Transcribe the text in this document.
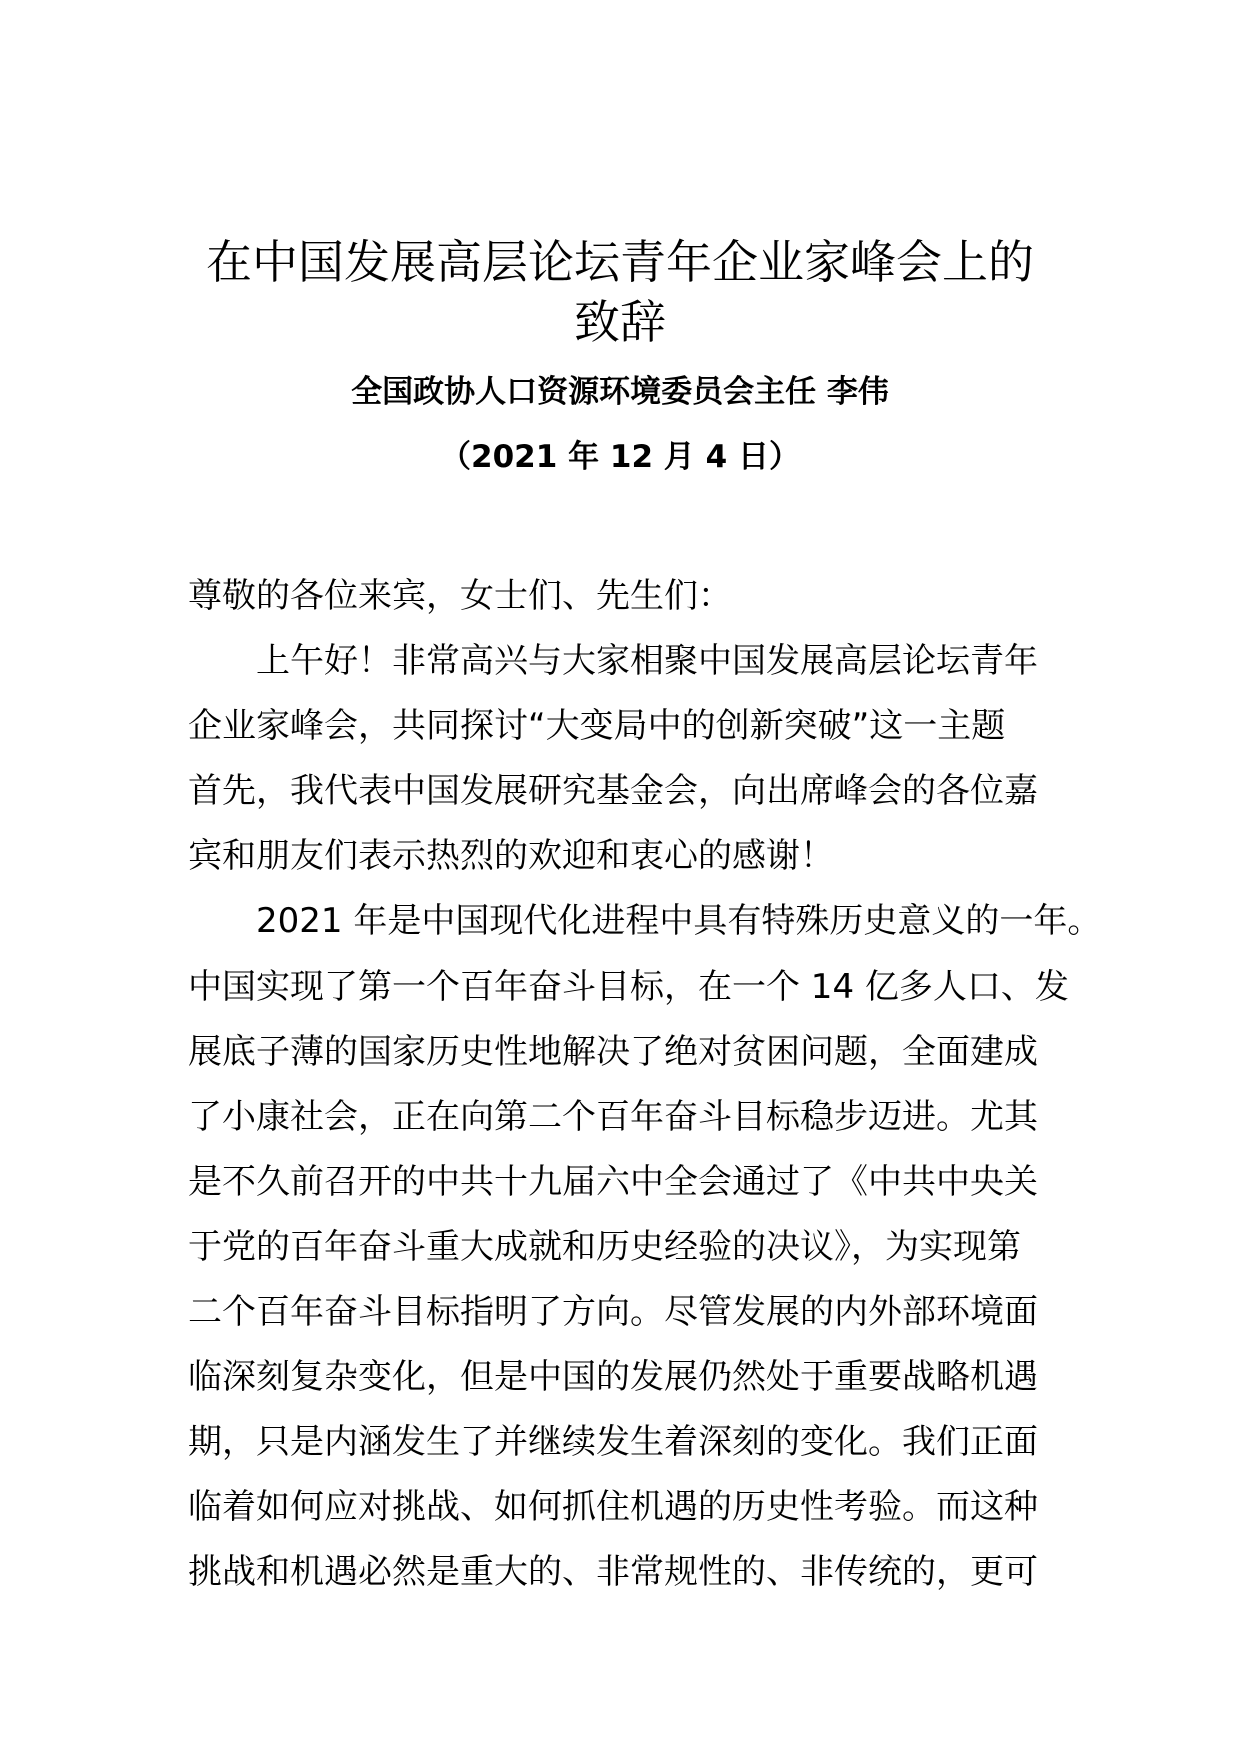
在中国发展高层论坛青年企业家峰会上的
致辞
全国政协人口资源环境委员会主任 李伟
（2021 年 12 月 4 日）
尊敬的各位来宾，女士们、先生们：
上午好！非常高兴与大家相聚中国发展高层论坛青年
企业家峰会，共同探讨“大变局中的创新突破”这一主题
首先，我代表中国发展研究基金会，向出席峰会的各位嘉
宾和朋友们表示热烈的欢迎和衷心的感谢！
2021 年是中国现代化进程中具有特殊历史意义的一年。
中国实现了第一个百年奋斗目标，在一个 14 亿多人口、发
展底子薄的国家历史性地解决了绝对贫困问题，全面建成
了小康社会，正在向第二个百年奋斗目标稳步迈进。尤其
是不久前召开的中共十九届六中全会通过了《中共中央关
于党的百年奋斗重大成就和历史经验的决议》，为实现第
二个百年奋斗目标指明了方向。尽管发展的内外部环境面
临深刻复杂变化，但是中国的发展仍然处于重要战略机遇
期，只是内涵发生了并继续发生着深刻的变化。我们正面
临着如何应对挑战、如何抓住机遇的历史性考验。而这种
挑战和机遇必然是重大的、非常规性的、非传统的，更可
